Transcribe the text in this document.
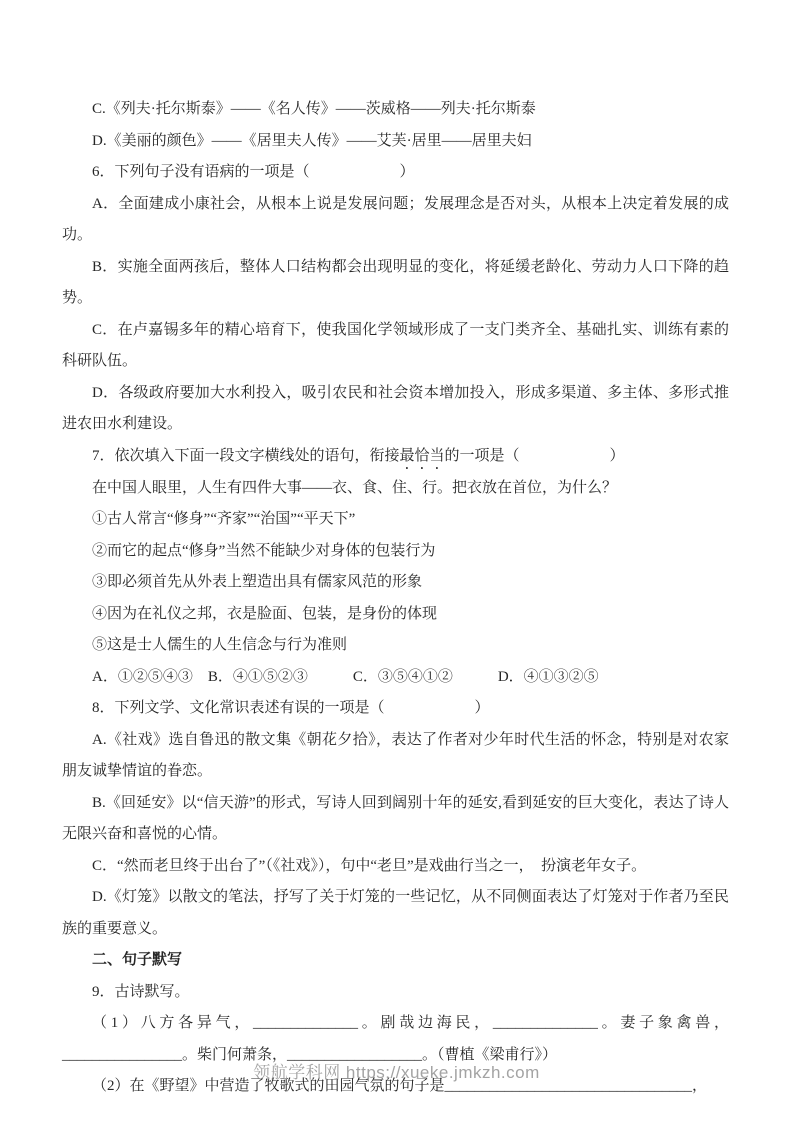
C.《列夫·托尔斯泰》——《名人传》——茨威格——列夫·托尔斯泰

D.《美丽的颜色》——《居里夫人传》——艾芙·居里——居里夫妇

6．下列句子没有语病的一项是（　　　　　　）

A．全面建成小康社会，从根本上说是发展问题；发展理念是否对头，从根本上决定着发展的成功。

B．实施全面两孩后，整体人口结构都会出现明显的变化，将延缓老龄化、劳动力人口下降的趋势。

C．在卢嘉锡多年的精心培育下，使我国化学领域形成了一支门类齐全、基础扎实、训练有素的科研队伍。

D．各级政府要加大水利投入，吸引农民和社会资本增加投入，形成多渠道、多主体、多形式推进农田水利建设。

7．依次填入下面一段文字横线处的语句，衔接最恰当的一项是（　　　　　　）

在中国人眼里，人生有四件大事——衣、食、住、行。把衣放在首位，为什么？

①古人常言“修身”“齐家”“治国”“平天下”

②而它的起点“修身”当然不能缺少对身体的包装行为

③即必须首先从外表上塑造出具有儒家风范的形象

④因为在礼仪之邦，衣是脸面、包装，是身份的体现

⑤这是士人儒生的人生信念与行为准则

A．①②⑤④③　B．④①⑤②③　　　C．③⑤④①②　　　D．④①③②⑤

8．下列文学、文化常识表述有误的一项是（　　　　　　）

A.《社戏》选自鲁迅的散文集《朝花夕拾》，表达了作者对少年时代生活的怀念，特别是对农家朋友诚挚情谊的眷恋。

B.《回延安》以“信天游”的形式，写诗人回到阔别十年的延安,看到延安的巨大变化，表达了诗人无限兴奋和喜悦的心情。

C．“然而老旦终于出台了”（《社戏》），句中“老旦”是戏曲行当之一，　扮演老年女子。

D.《灯笼》以散文的笔法，抒写了关于灯笼的一些记忆，从不同侧面表达了灯笼对于作者乃至民族的重要意义。

二、句子默写

9．古诗默写。

（1）八方各异气，______________。剧哉边海民，______________。妻子象禽兽，________________。柴门何萧条，__________________。（曹植《梁甫行》）

（2）在《野望》中营造了牧歌式的田园气氛的句子是_________________________________，

领航学科网 https://xueke.jmkzh.com
